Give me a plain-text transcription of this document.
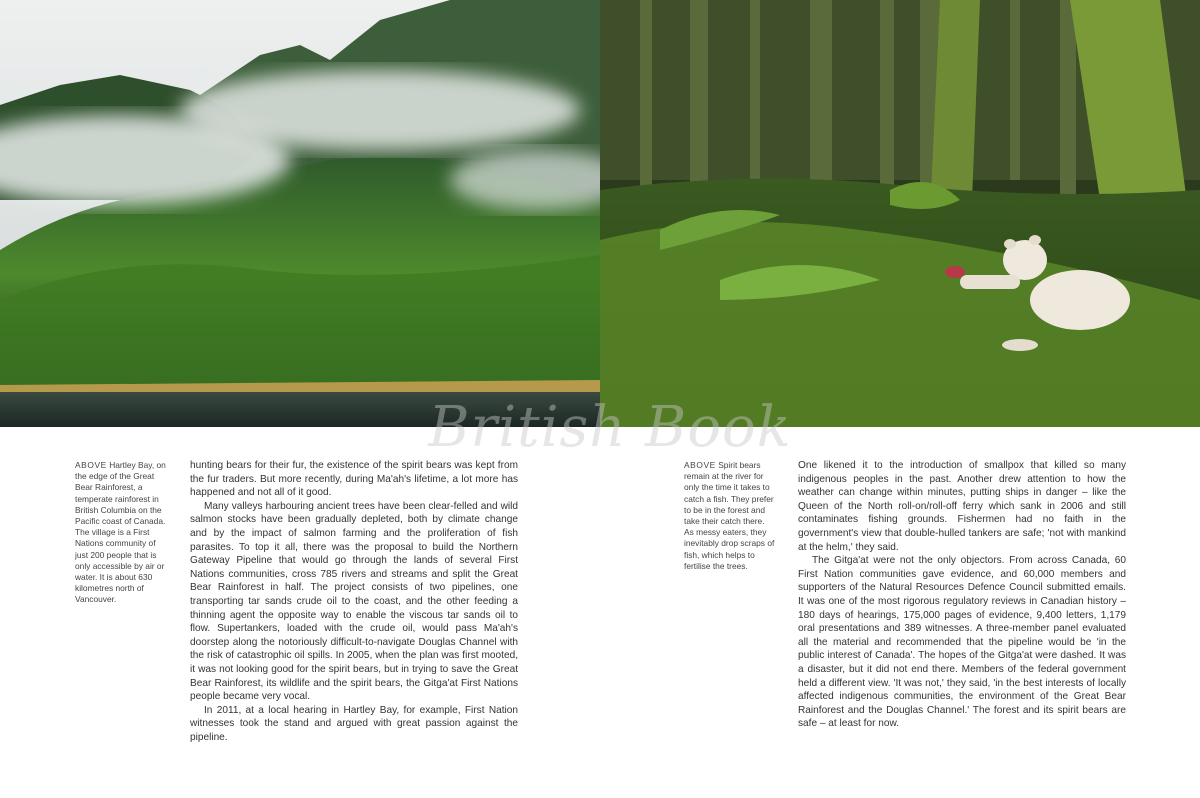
British Book
ABOVE Hartley Bay, on the edge of the Great Bear Rainforest, a temperate rainforest in British Columbia on the Pacific coast of Canada. The village is a First Nations community of just 200 people that is only accessible by air or water. It is about 630 kilometres north of Vancouver.
ABOVE Spirit bears remain at the river for only the time it takes to catch a fish. They prefer to be in the forest and take their catch there. As messy eaters, they inevitably drop scraps of fish, which helps to fertilise the trees.

hunting bears for their fur, the existence of the spirit bears was kept from the fur traders. But more recently, during Ma'ah's lifetime, a lot more has happened and not all of it good.

Many valleys harbouring ancient trees have been clear-felled and wild salmon stocks have been gradually depleted, both by climate change and by the impact of salmon farming and the proliferation of fish parasites. To top it all, there was the proposal to build the Northern Gateway Pipeline that would go through the lands of several First Nations communities, cross 785 rivers and streams and split the Great Bear Rainforest in half. The project consists of two pipelines, one transporting tar sands crude oil to the coast, and the other feeding a thinning agent the opposite way to enable the viscous tar sands oil to flow. Supertankers, loaded with the crude oil, would pass Ma'ah's doorstep along the notoriously difficult-to-navigate Douglas Channel with the risk of catastrophic oil spills. In 2005, when the plan was first mooted, it was not looking good for the spirit bears, but in trying to save the Great Bear Rainforest, its wildlife and the spirit bears, the Gitga'at First Nations people became very vocal.

In 2011, at a local hearing in Hartley Bay, for example, First Nation witnesses took the stand and argued with great passion against the pipeline.

One likened it to the introduction of smallpox that killed so many indigenous peoples in the past. Another drew attention to how the weather can change within minutes, putting ships in danger – like the Queen of the North roll-on/roll-off ferry which sank in 2006 and still contaminates fishing grounds. Fishermen had no faith in the government's view that double-hulled tankers are safe; 'not with mankind at the helm,' they said.

The Gitga'at were not the only objectors. From across Canada, 60 First Nation communities gave evidence, and 60,000 members and supporters of the Natural Resources Defence Council submitted emails. It was one of the most rigorous regulatory reviews in Canadian history – 180 days of hearings, 175,000 pages of evidence, 9,400 letters, 1,179 oral presentations and 389 witnesses. A three-member panel evaluated all the material and recommended that the pipeline would be 'in the public interest of Canada'. The hopes of the Gitga'at were dashed. It was a disaster, but it did not end there. Members of the federal government held a different view. 'It was not,' they said, 'in the best interests of locally affected indigenous communities, the environment of the Great Bear Rainforest and the Douglas Channel.' The forest and its spirit bears are safe – at least for now.
